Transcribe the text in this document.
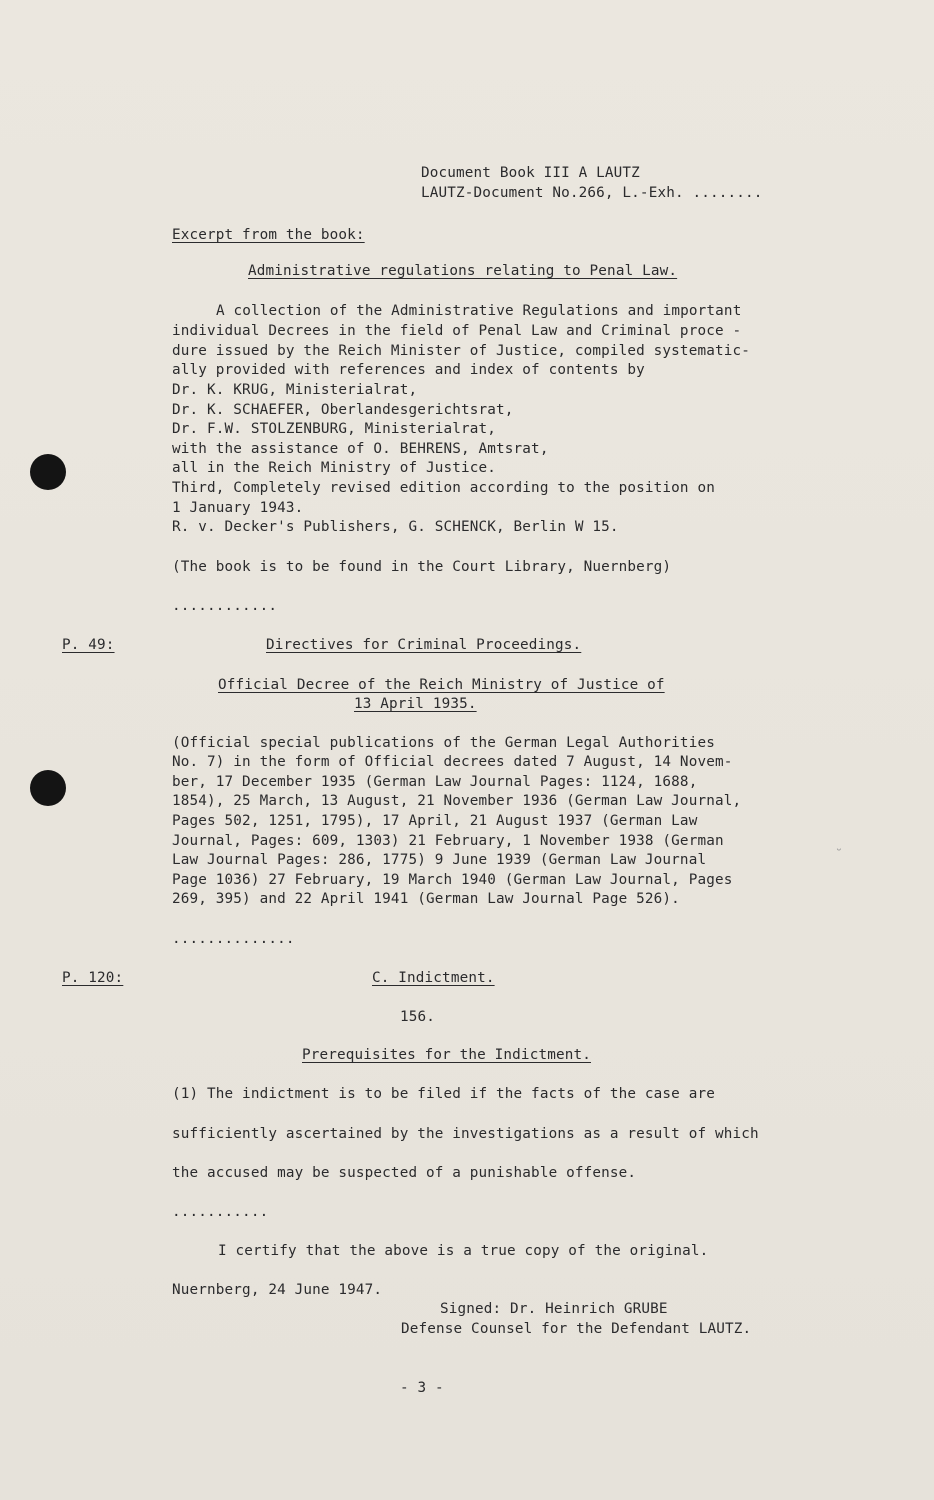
Document Book III A LAUTZ
LAUTZ-Document No.266, L.-Exh. ........
Excerpt from the book:
Administrative regulations relating to Penal Law.
A collection of the Administrative Regulations and important
individual Decrees in the field of Penal Law and Criminal proce -
dure issued by the Reich Minister of Justice, compiled systematic-
ally provided with references and index of contents by
Dr. K. KRUG, Ministerialrat,
Dr. K. SCHAEFER, Oberlandesgerichtsrat,
Dr. F.W. STOLZENBURG, Ministerialrat,
with the assistance of O. BEHRENS, Amtsrat,
all in the Reich Ministry of Justice.
Third, Completely revised edition according to the position on
1 January 1943.
R. v. Decker's Publishers, G. SCHENCK, Berlin W 15.
(The book is to be found in the Court Library, Nuernberg)
............
P. 49:	Directives for Criminal Proceedings.
Official Decree of the Reich Ministry of Justice of
13 April 1935.
(Official special publications of the German Legal Authorities
No. 7) in the form of Official decrees dated 7 August, 14 Novem-
ber, 17 December 1935 (German Law Journal Pages: 1124, 1688,
1854), 25 March, 13 August, 21 November 1936 (German Law Journal,
Pages 502, 1251, 1795), 17 April, 21 August 1937 (German Law
Journal, Pages: 609, 1303) 21 February, 1 November 1938 (German
Law Journal Pages: 286, 1775) 9 June 1939 (German Law Journal
Page 1036) 27 February, 19 March 1940 (German Law Journal, Pages
269, 395) and 22 April 1941 (German Law Journal Page 526).
..............
P. 120:	C. Indictment.
156.
Prerequisites for the Indictment.
(1) The indictment is to be filed if the facts of the case are
sufficiently ascertained by the investigations as a result of which
the accused may be suspected of a punishable offense.
...........
I certify that the above is a true copy of the original.
Nuernberg, 24 June 1947.
Signed: Dr. Heinrich GRUBE
Defense Counsel for the Defendant LAUTZ.
- 3 -
˘
